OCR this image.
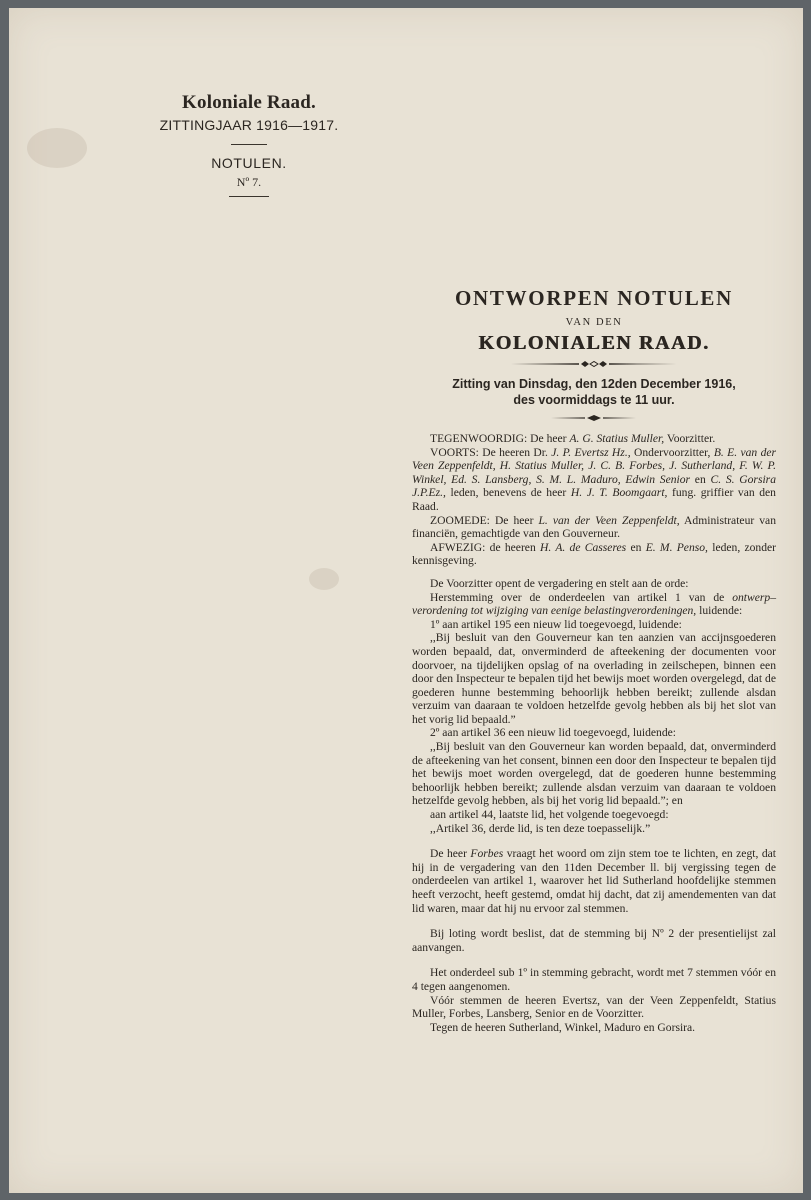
Koloniale Raad.
ZITTINGJAAR 1916—1917.
NOTULEN.
Nº 7.
ONTWORPEN NOTULEN
VAN DEN
KOLONIALEN RAAD.
Zitting van Dinsdag, den 12den December 1916,
des voormiddags te 11 uur.

TEGENWOORDIG: De heer A. G. Statius Muller, Voorzitter.

VOORTS: De heeren Dr. J. P. Evertsz Hz., Ondervoorzitter, B. E. van der Veen Zeppenfeldt, H. Statius Muller, J. C. B. Forbes, J. Sutherland, F. W. P. Winkel, Ed. S. Lansberg, S. M. L. Maduro, Edwin Senior en C. S. Gorsira J.P.Ez., leden, benevens de heer H. J. T. Boomgaart, fung. griffier van den Raad.

ZOOMEDE: De heer L. van der Veen Zeppenfeldt, Administrateur van financiën, gemachtigde van den Gouverneur.

AFWEZIG: de heeren H. A. de Casseres en E. M. Penso, leden, zonder kennisgeving.

De Voorzitter opent de vergadering en stelt aan de orde:

Herstemming over de onderdeelen van artikel 1 van de ontwerp–verordening tot wijziging van eenige belastingverordeningen, luidende:

1º aan artikel 195 een nieuw lid toegevoegd, luidende:

,,Bij besluit van den Gouverneur kan ten aanzien van accijnsgoederen worden bepaald, dat, onverminderd de afteekening der documenten voor doorvoer, na tijdelijken opslag of na overlading in zeilschepen, binnen een door den Inspecteur te bepalen tijd het bewijs moet worden overgelegd, dat de goederen hunne bestemming behoorlijk hebben bereikt; zullende alsdan verzuim van daaraan te voldoen hetzelfde gevolg hebben als bij het slot van het vorig lid bepaald.”

2º aan artikel 36 een nieuw lid toegevoegd, luidende:

,,Bij besluit van den Gouverneur kan worden bepaald, dat, onverminderd de afteekening van het consent, binnen een door den Inspecteur te bepalen tijd het bewijs moet worden overgelegd, dat de goederen hunne bestemming behoorlijk hebben bereikt; zullende alsdan verzuim van daaraan te voldoen hetzelfde gevolg hebben, als bij het vorig lid bepaald.”; en

aan artikel 44, laatste lid, het volgende toegevoegd:

,,Artikel 36, derde lid, is ten deze toepasselijk.”

De heer Forbes vraagt het woord om zijn stem toe te lichten, en zegt, dat hij in de vergadering van den 11den December ll. bij vergissing tegen de onderdeelen van artikel 1, waarover het lid Sutherland hoofdelijke stemmen heeft verzocht, heeft gestemd, omdat hij dacht, dat zij amendementen van dat lid waren, maar dat hij nu ervoor zal stemmen.

Bij loting wordt beslist, dat de stemming bij Nº 2 der presentielijst zal aanvangen.

Het onderdeel sub 1º in stemming gebracht, wordt met 7 stemmen vóór en 4 tegen aangenomen.

Vóór stemmen de heeren Evertsz, van der Veen Zeppenfeldt, Statius Muller, Forbes, Lansberg, Senior en de Voorzitter.

Tegen de heeren Sutherland, Winkel, Maduro en Gorsira.
